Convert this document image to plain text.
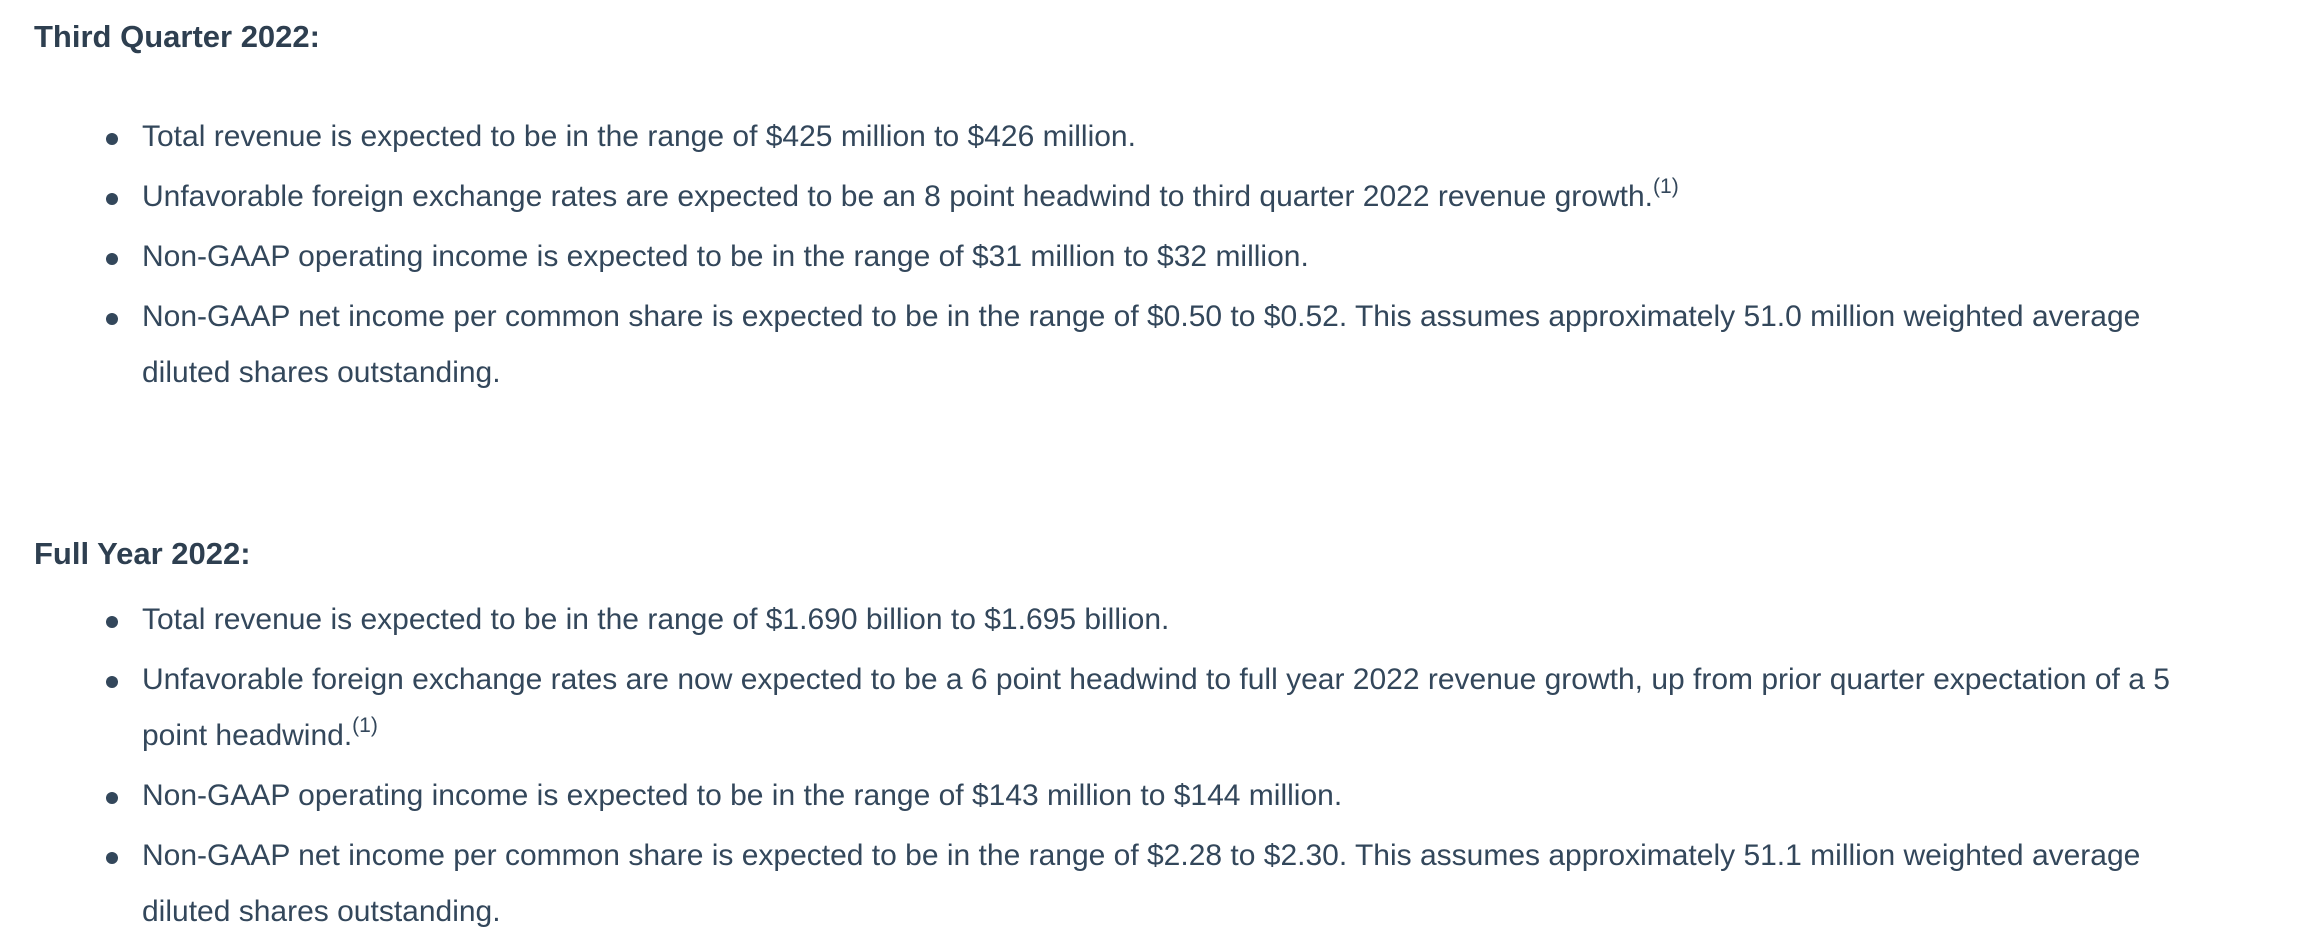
Third Quarter 2022:
Total revenue is expected to be in the range of $425 million to $426 million.
Unfavorable foreign exchange rates are expected to be an 8 point headwind to third quarter 2022 revenue growth.$^{(1)}$
Non-GAAP operating income is expected to be in the range of $31 million to $32 million.
Non-GAAP net income per common share is expected to be in the range of $0.50 to $0.52. This assumes approximately 51.0 million weighted average diluted shares outstanding.
Full Year 2022:
Total revenue is expected to be in the range of $1.690 billion to $1.695 billion.
Unfavorable foreign exchange rates are now expected to be a 6 point headwind to full year 2022 revenue growth, up from prior quarter expectation of a 5 point headwind.$^{(1)}$
Non-GAAP operating income is expected to be in the range of $143 million to $144 million.
Non-GAAP net income per common share is expected to be in the range of $2.28 to $2.30. This assumes approximately 51.1 million weighted average diluted shares outstanding.
